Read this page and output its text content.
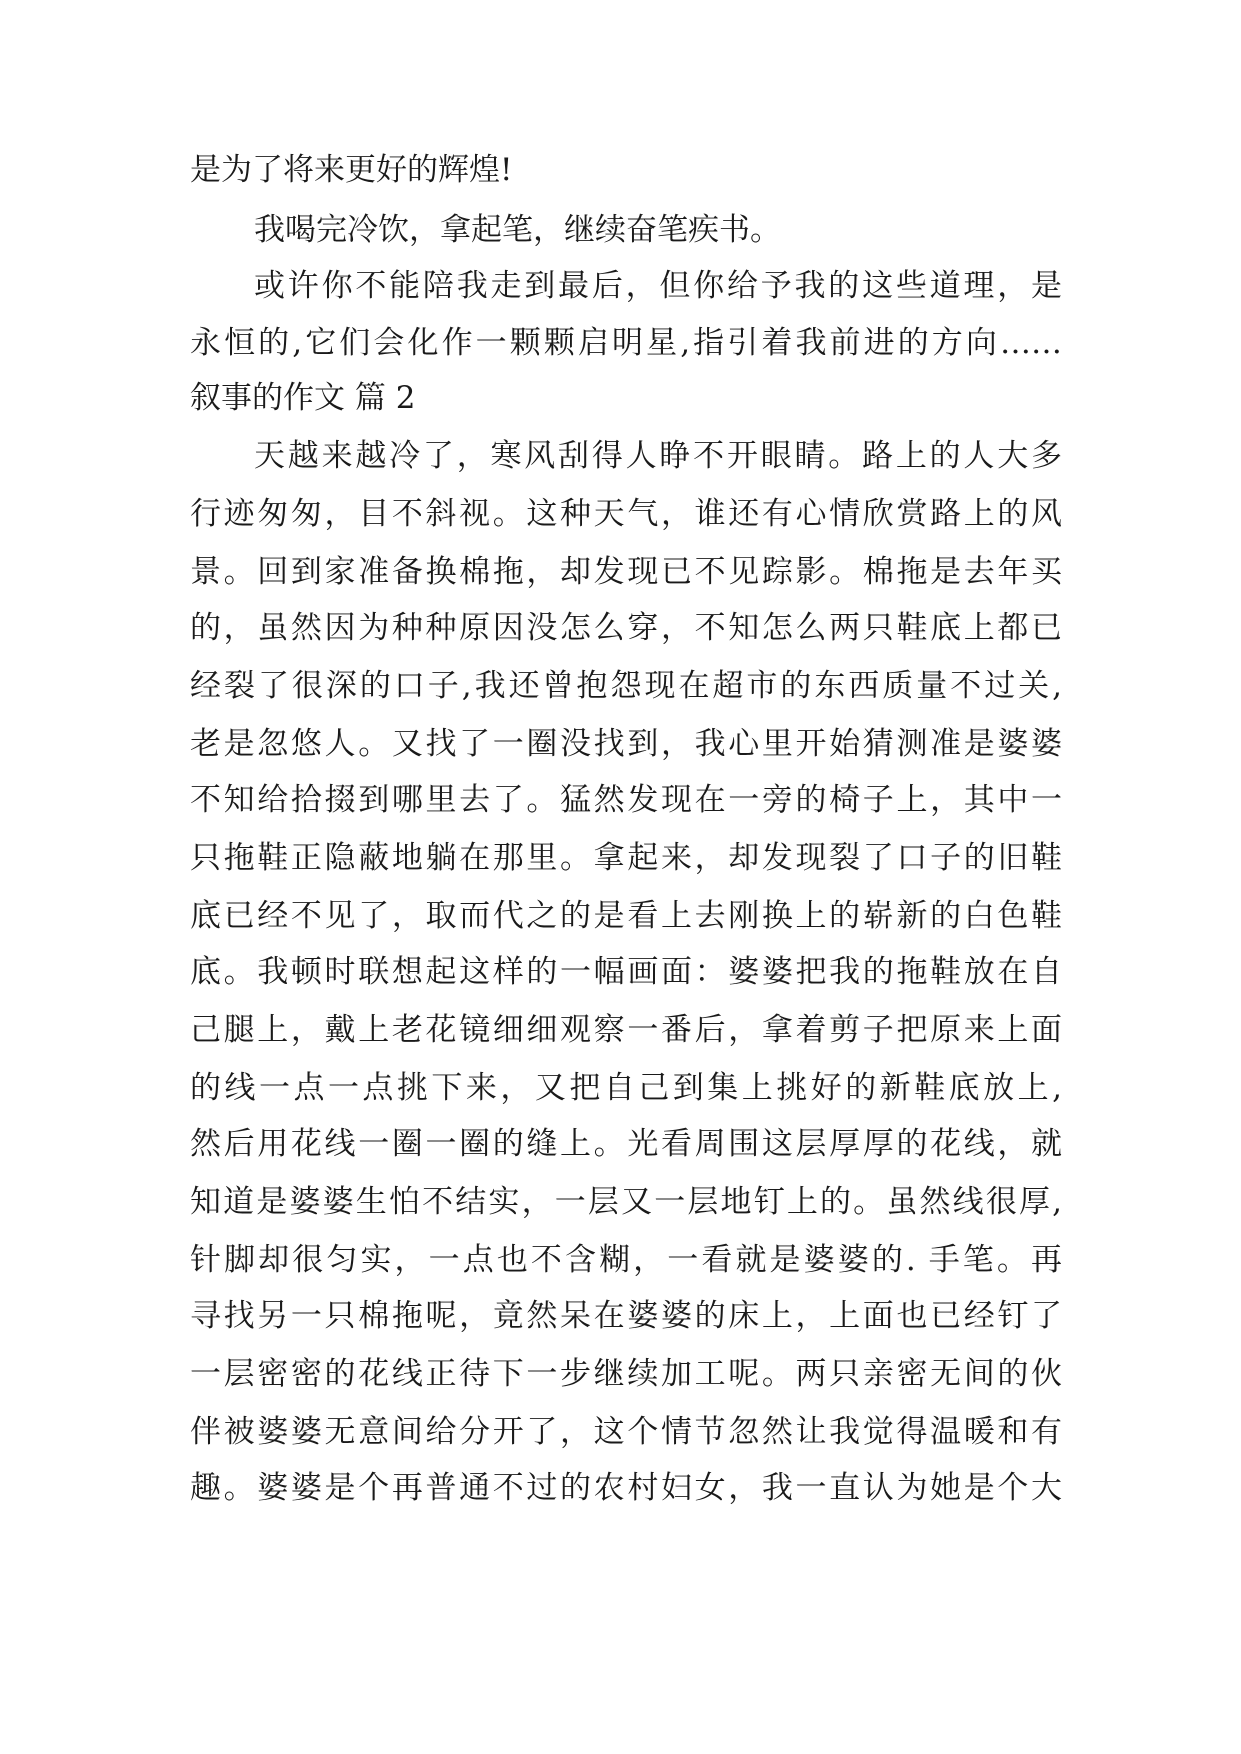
是为了将来更好的辉煌!
我喝完冷饮，拿起笔，继续奋笔疾书。
或许你不能陪我走到最后，但你给予我的这些道理，是
永恒的,它们会化作一颗颗启明星,指引着我前进的方向……
叙事的作文 篇 2
天越来越冷了，寒风刮得人睁不开眼睛。路上的人大多
行迹匆匆，目不斜视。这种天气，谁还有心情欣赏路上的风
景。回到家准备换棉拖，却发现已不见踪影。棉拖是去年买
的，虽然因为种种原因没怎么穿，不知怎么两只鞋底上都已
经裂了很深的口子,我还曾抱怨现在超市的东西质量不过关,
老是忽悠人。又找了一圈没找到，我心里开始猜测准是婆婆
不知给拾掇到哪里去了。猛然发现在一旁的椅子上，其中一
只拖鞋正隐蔽地躺在那里。拿起来，却发现裂了口子的旧鞋
底已经不见了，取而代之的是看上去刚换上的崭新的白色鞋
底。我顿时联想起这样的一幅画面：婆婆把我的拖鞋放在自
己腿上，戴上老花镜细细观察一番后，拿着剪子把原来上面
的线一点一点挑下来，又把自己到集上挑好的新鞋底放上,
然后用花线一圈一圈的缝上。光看周围这层厚厚的花线，就
知道是婆婆生怕不结实，一层又一层地钉上的。虽然线很厚,
针脚却很匀实，一点也不含糊，一看就是婆婆的. 手笔。再
寻找另一只棉拖呢，竟然呆在婆婆的床上，上面也已经钉了
一层密密的花线正待下一步继续加工呢。两只亲密无间的伙
伴被婆婆无意间给分开了，这个情节忽然让我觉得温暖和有
趣。婆婆是个再普通不过的农村妇女，我一直认为她是个大
